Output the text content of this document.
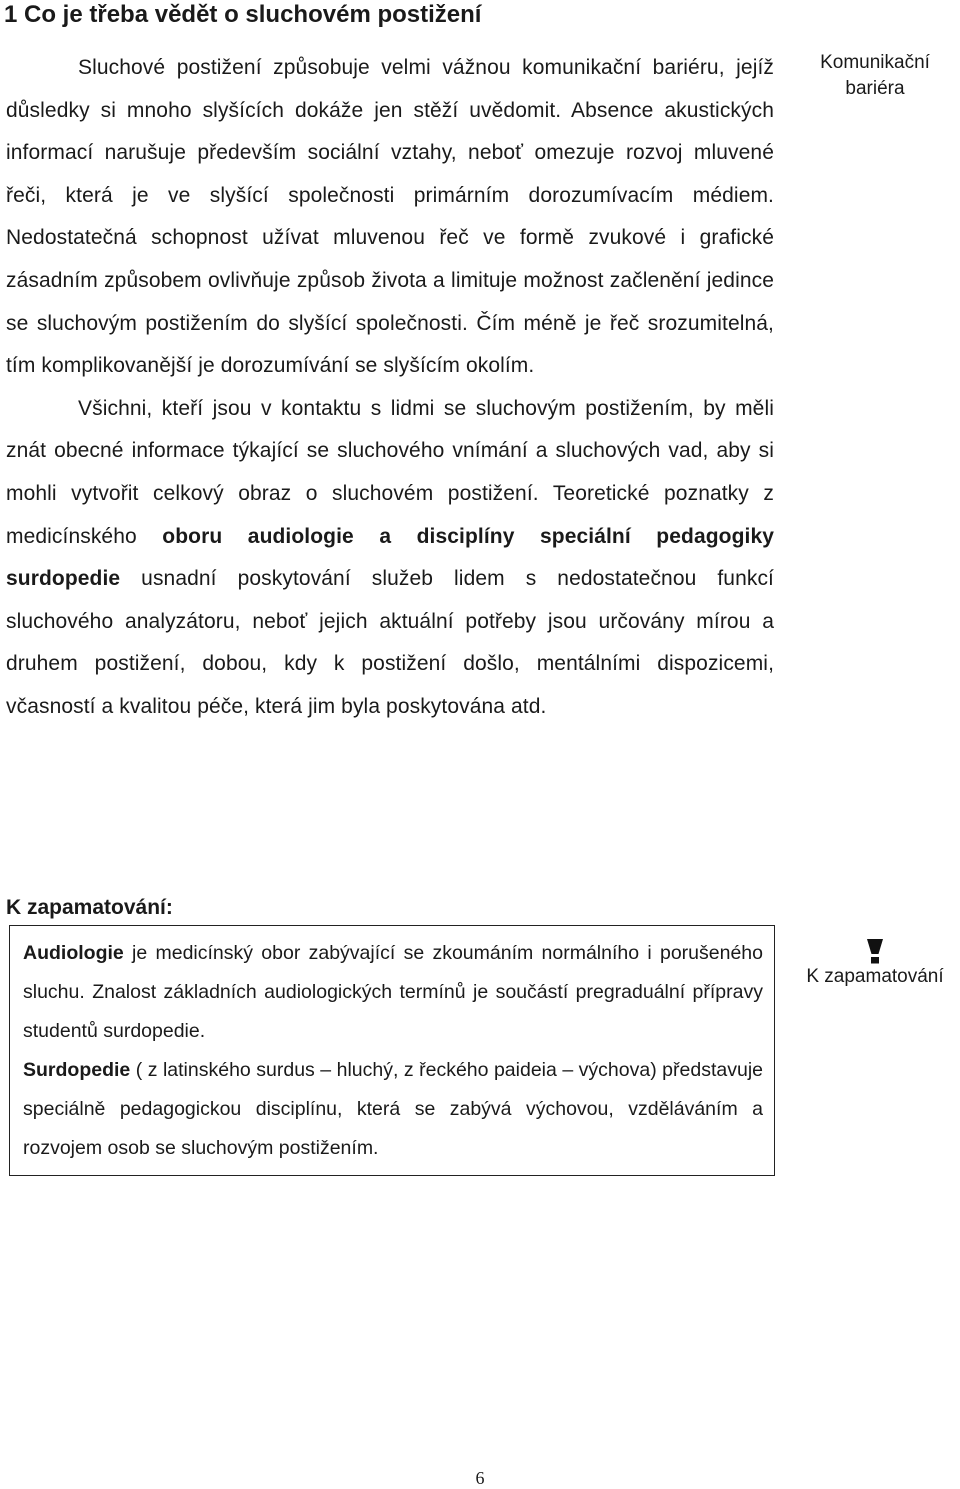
1 Co je třeba vědět o sluchovém postižení

Sluchové postižení způsobuje velmi vážnou komunikační bariéru, jejíž důsledky si mnoho slyšících dokáže jen stěží uvědomit. Absence akustických informací narušuje především sociální vztahy, neboť omezuje rozvoj mluvené řeči, která je ve slyšící společnosti primárním dorozumívacím médiem. Nedostatečná schopnost užívat mluvenou řeč ve formě zvukové i grafické zásadním způsobem ovlivňuje způsob života a limituje možnost začlenění jedince se sluchovým postižením do slyšící společnosti. Čím méně je řeč srozumitelná, tím komplikovanější je dorozumívání se slyšícím okolím.

Všichni, kteří jsou v kontaktu s lidmi se sluchovým postižením, by měli znát obecné informace týkající se sluchového vnímání a sluchových vad, aby si mohli vytvořit celkový obraz o sluchovém postižení. Teoretické poznatky z medicínského oboru audiologie a disciplíny speciální pedagogiky surdopedie usnadní poskytování služeb lidem s nedostatečnou funkcí sluchového analyzátoru, neboť jejich aktuální potřeby jsou určovány mírou a druhem postižení, dobou, kdy k postižení došlo, mentálními dispozicemi, včasností a kvalitou péče, která jim byla poskytována atd.

Komunikační bariéra
K zapamatování:

Audiologie je medicínský obor zabývající se zkoumáním normálního i porušeného sluchu. Znalost základních audiologických termínů je součástí pregraduální přípravy studentů surdopedie.

Surdopedie ( z latinského surdus – hluchý, z řeckého paideia – výchova) představuje speciálně pedagogickou disciplínu, která se zabývá výchovou, vzděláváním a rozvojem osob se sluchovým postižením.

K zapamatování
6
